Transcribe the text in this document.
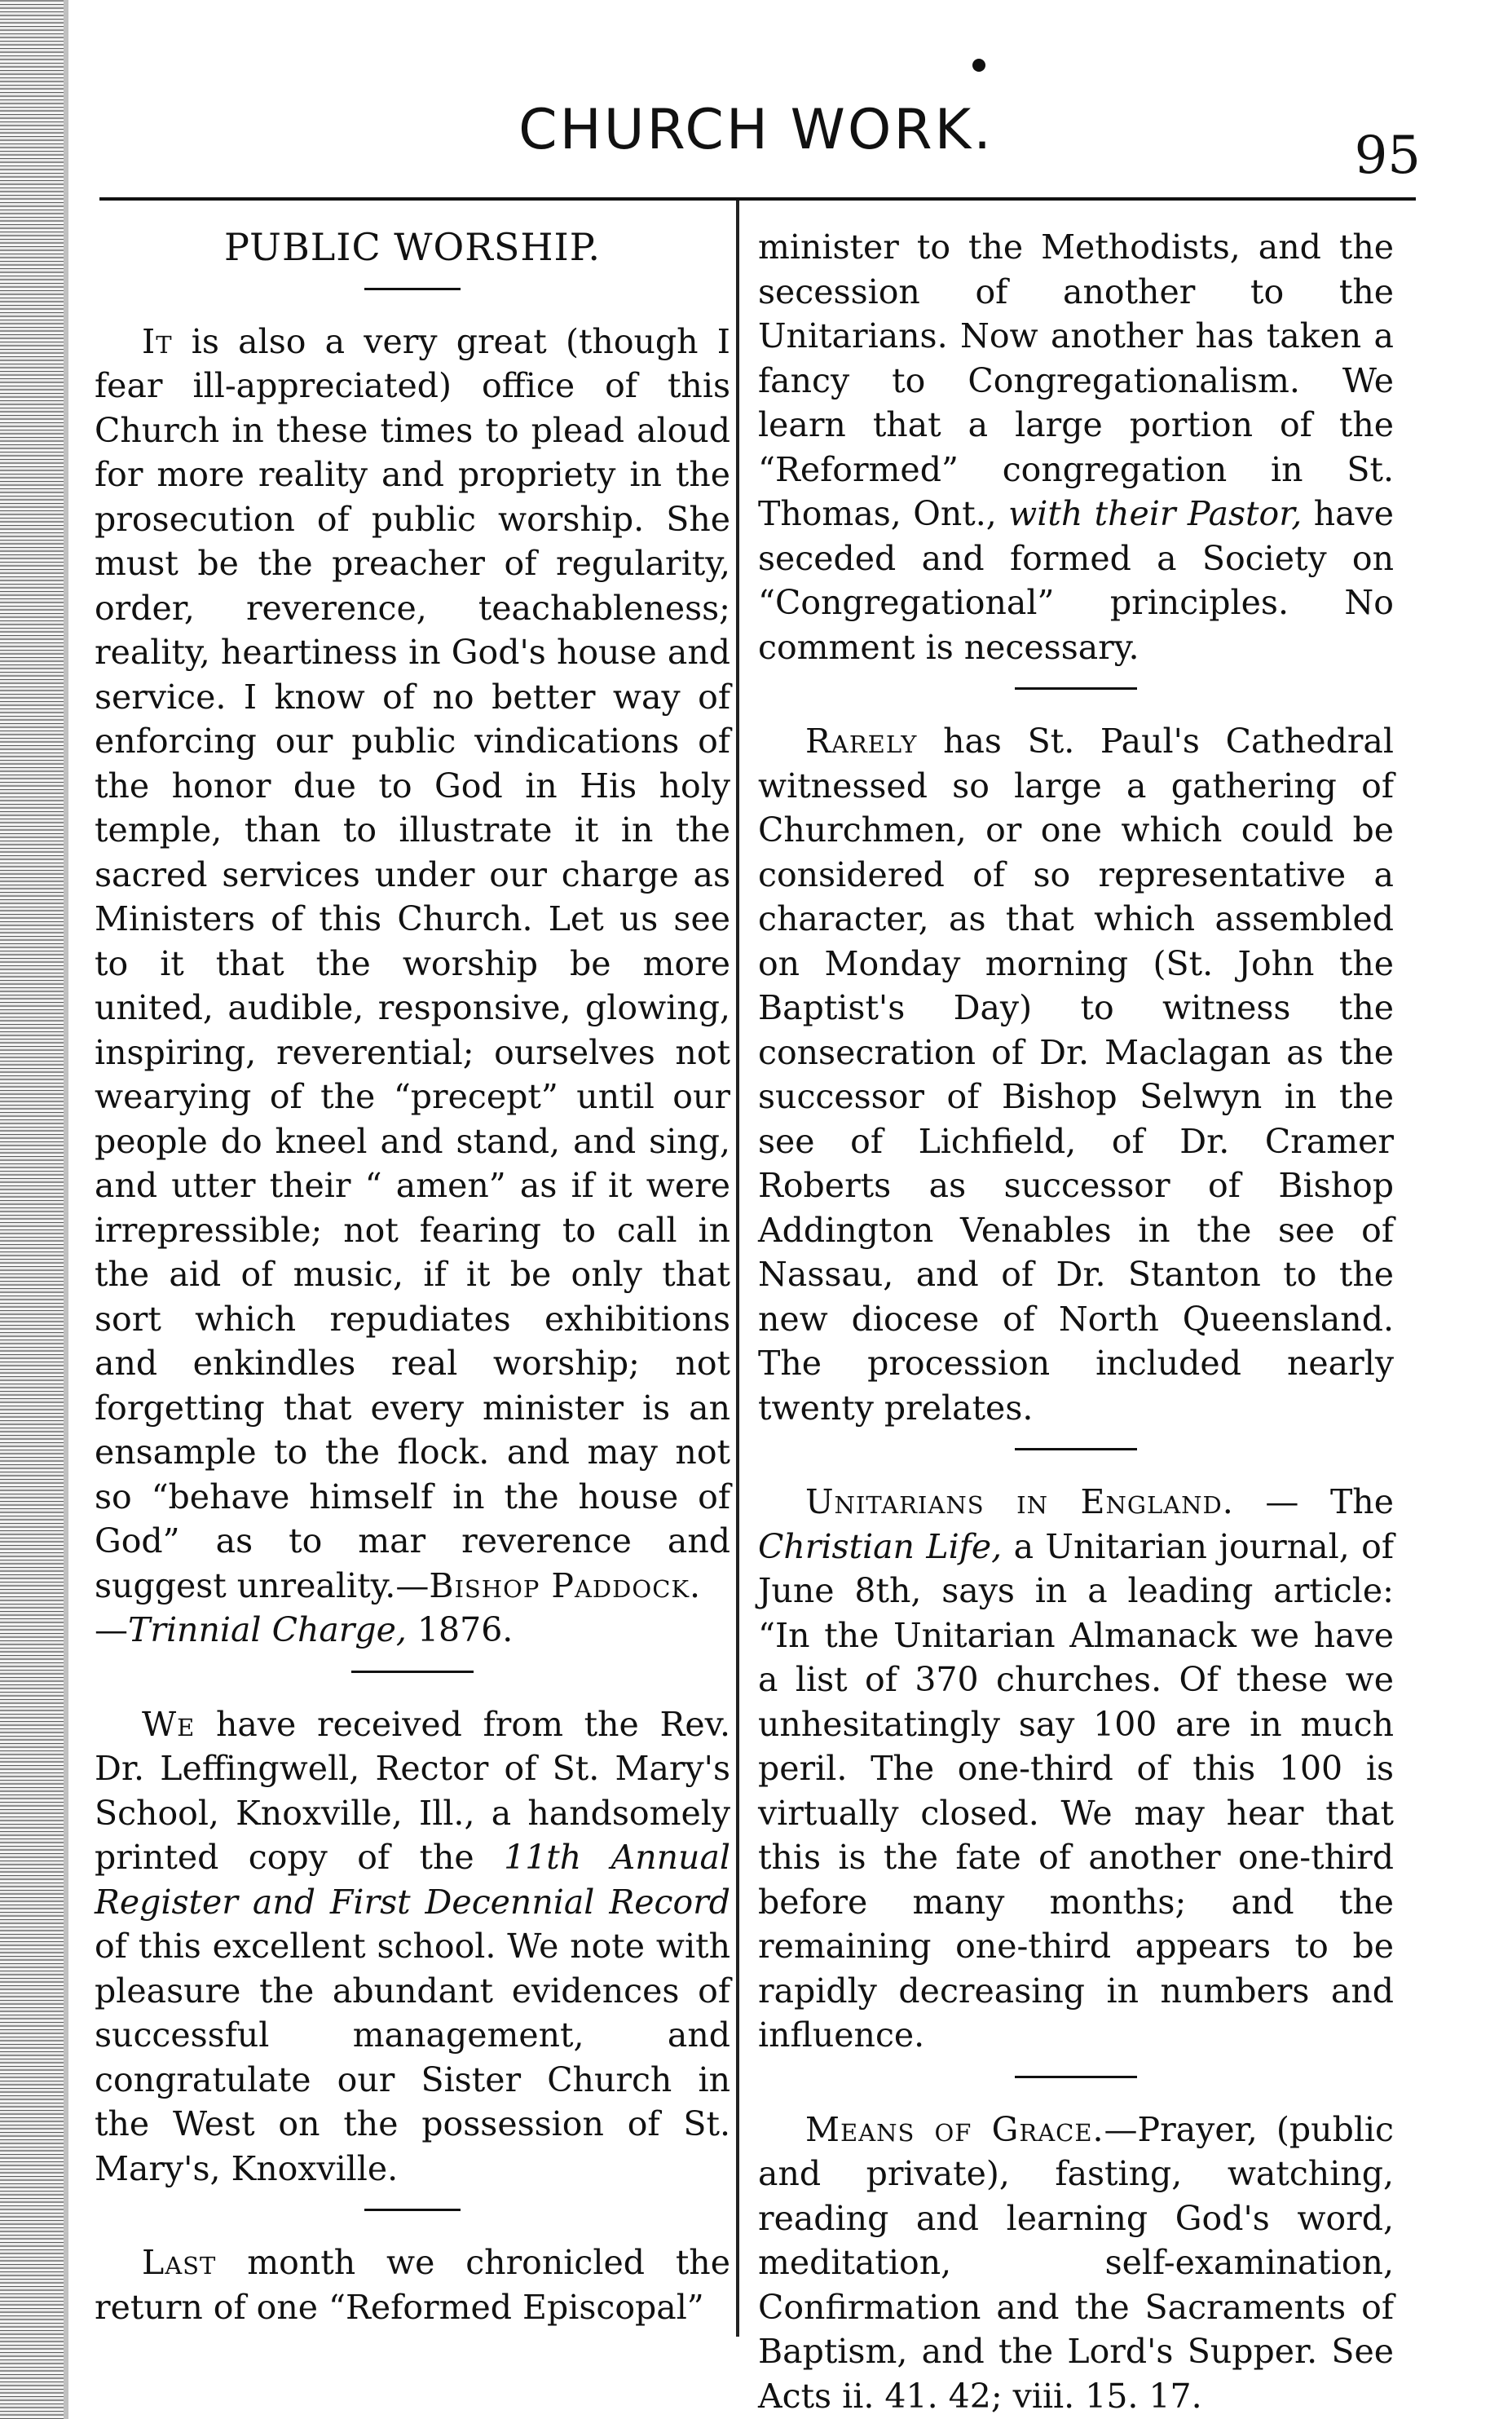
CHURCH WORK.	95
PUBLIC WORSHIP.

It is also a very great (though I fear ill-appreciated) office of this Church in these times to plead aloud for more reality and propriety in the prosecution of public worship. She must be the preacher of regularity, order, reverence, teachableness; reality, heartiness in God's house and service. I know of no better way of enforcing our public vindications of the honor due to God in His holy temple, than to illustrate it in the sacred services under our charge as Ministers of this Church. Let us see to it that the worship be more united, audible, responsive, glowing, inspiring, reverential; ourselves not wearying of the “precept” until our people do kneel and stand, and sing, and utter their “ amen” as if it were irrepressible; not fearing to call in the aid of music, if it be only that sort which repudiates exhibitions and enkindles real worship; not forgetting that every minister is an ensample to the flock. and may not so “behave himself in the house of God” as to mar reverence and suggest unreality.—Bishop Paddock.
—Trinnial Charge, 1876.

We have received from the Rev. Dr. Leffingwell, Rector of St. Mary's School, Knoxville, Ill., a handsomely printed copy of the 11th Annual Register and First Decennial Record of this excellent school. We note with pleasure the abundant evidences of successful management, and congratulate our Sister Church in the West on the possession of St. Mary's, Knoxville.

Last month we chronicled the return of one “Reformed Episcopal”

minister to the Methodists, and the secession of another to the Unitarians. Now another has taken a fancy to Congregationalism. We learn that a large portion of the “Reformed” congregation in St. Thomas, Ont., with their Pastor, have seceded and formed a Society on “Congregational” principles. No comment is necessary.

Rarely has St. Paul's Cathedral witnessed so large a gathering of Churchmen, or one which could be considered of so representative a character, as that which assembled on Monday morning (St. John the Baptist's Day) to witness the consecration of Dr. Maclagan as the successor of Bishop Selwyn in the see of Lichfield, of Dr. Cramer Roberts as successor of Bishop Addington Venables in the see of Nassau, and of Dr. Stanton to the new diocese of North Queensland. The procession included nearly twenty prelates.

Unitarians in England. — The Christian Life, a Unitarian journal, of June 8th, says in a leading article: “In the Unitarian Almanack we have a list of 370 churches. Of these we unhesitatingly say 100 are in much peril. The one-third of this 100 is virtually closed. We may hear that this is the fate of another one-third before many months; and the remaining one-third appears to be rapidly decreasing in numbers and influence.

Means of Grace.—Prayer, (public and private), fasting, watching, reading and learning God's word, meditation, self-examination, Confirmation and the Sacraments of Baptism, and the Lord's Supper. See Acts ii. 41. 42; viii. 15. 17.
